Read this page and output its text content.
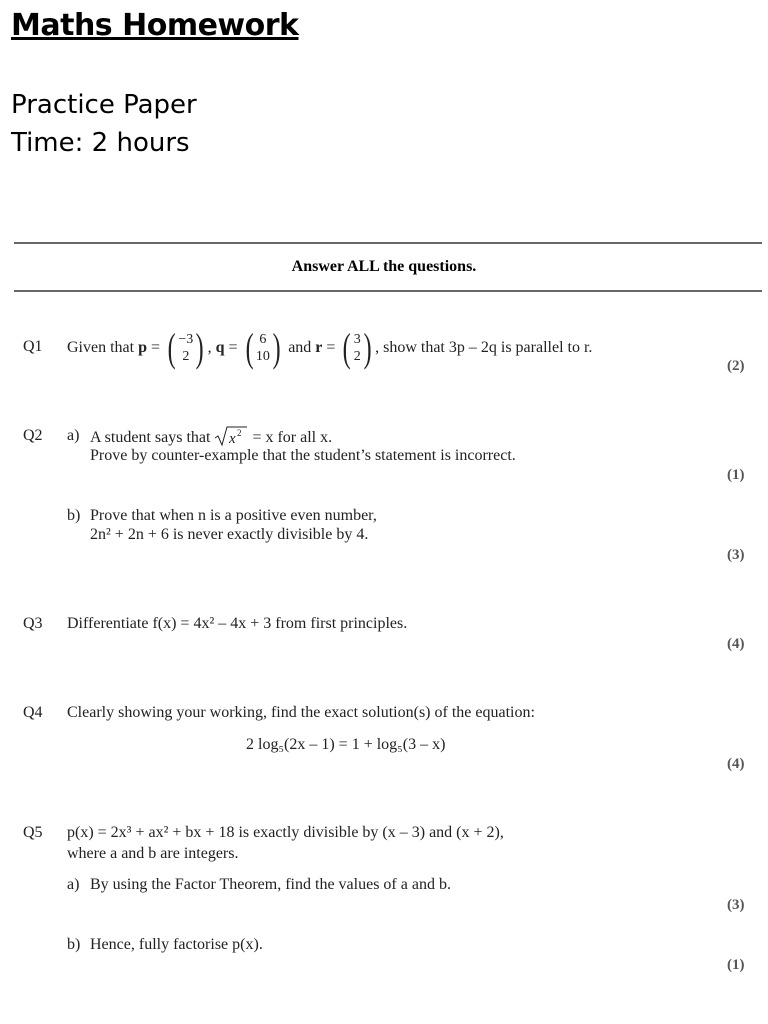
Maths Homework
Practice Paper
Time: 2 hours
Answer ALL the questions.
Q1 Given that
p = ( −3
2 ) , q = ( 6
10 )
and
r = ( 3
2 ) , show that 3p – 2q is parallel to r.
(2)
Q2 a) A student says that
x 2
= x for all x.
Prove by counter-example that the student’s statement is incorrect.
(1)
b) Prove that when n is a positive even number,
2n² + 2n + 6 is never exactly divisible by 4.
(3)
Q3 Differentiate f(x) = 4x² – 4x + 3 from first principles.
(4)
Q4 Clearly showing your working, find the exact solution(s) of the equation:
2 log₅(2x – 1) = 1 + log₅(3 – x)
(4)
Q5 p(x) = 2x³ + ax² + bx + 18 is exactly divisible by (x – 3) and (x + 2),
where a and b are integers.
a) By using the Factor Theorem, find the values of a and b.
(3)
b) Hence, fully factorise p(x).
(1)
